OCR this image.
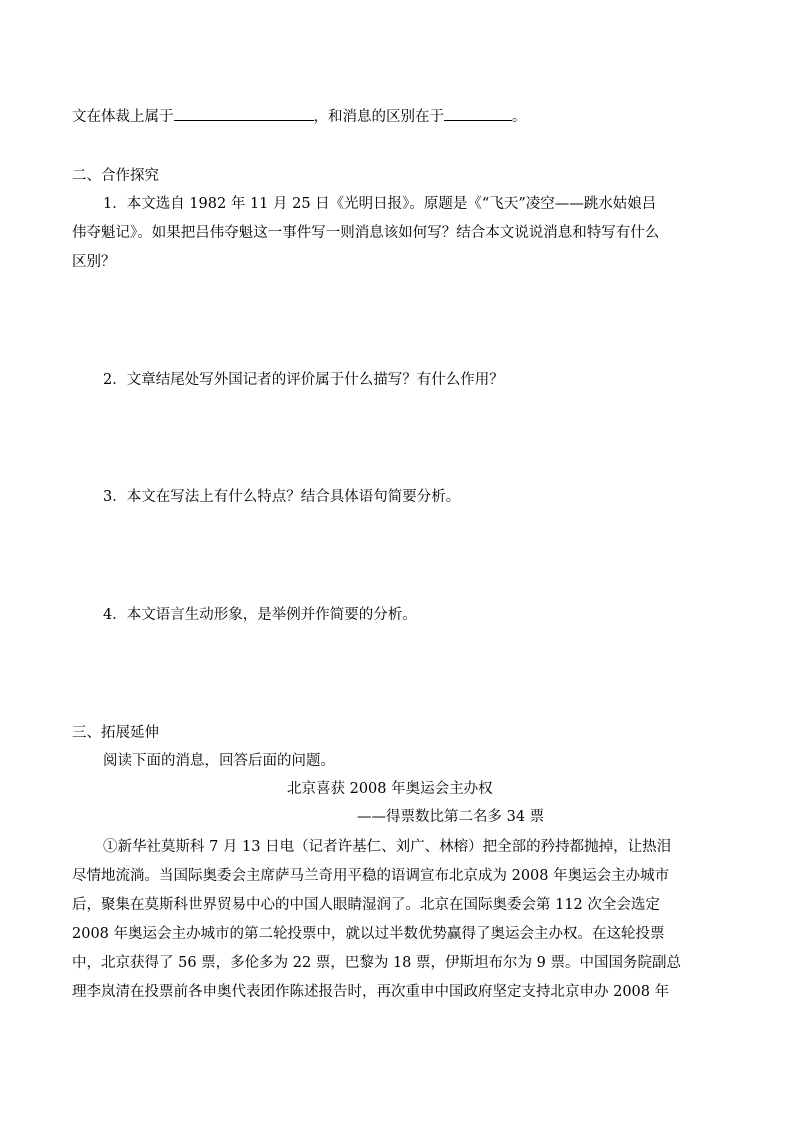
文在体裁上属于	，和消息的区别在于	。
二、合作探究
1．本文选自 1982 年 11 月 25 日《光明日报》。原题是《“飞天”凌空——跳水姑娘吕
伟夺魁记》。如果把吕伟夺魁这一事件写一则消息该如何写？结合本文说说消息和特写有什么
区别？
2．文章结尾处写外国记者的评价属于什么描写？有什么作用？
3．本文在写法上有什么特点？结合具体语句简要分析。
4．本文语言生动形象，是举例并作简要的分析。
三、拓展延伸
阅读下面的消息，回答后面的问题。
北京喜获 2008 年奥运会主办权
——得票数比第二名多 34 票
①新华社莫斯科 7 月 13 日电（记者许基仁、刘广、林榕）把全部的矜持都抛掉，让热泪
尽情地流淌。当国际奥委会主席萨马兰奇用平稳的语调宣布北京成为 2008 年奥运会主办城市
后，聚集在莫斯科世界贸易中心的中国人眼睛湿润了。北京在国际奥委会第 112 次全会选定
2008 年奥运会主办城市的第二轮投票中，就以过半数优势赢得了奥运会主办权。在这轮投票
中，北京获得了 56 票，多伦多为 22 票，巴黎为 18 票，伊斯坦布尔为 9 票。中国国务院副总
理李岚清在投票前各申奥代表团作陈述报告时，再次重申中国政府坚定支持北京申办 2008 年
